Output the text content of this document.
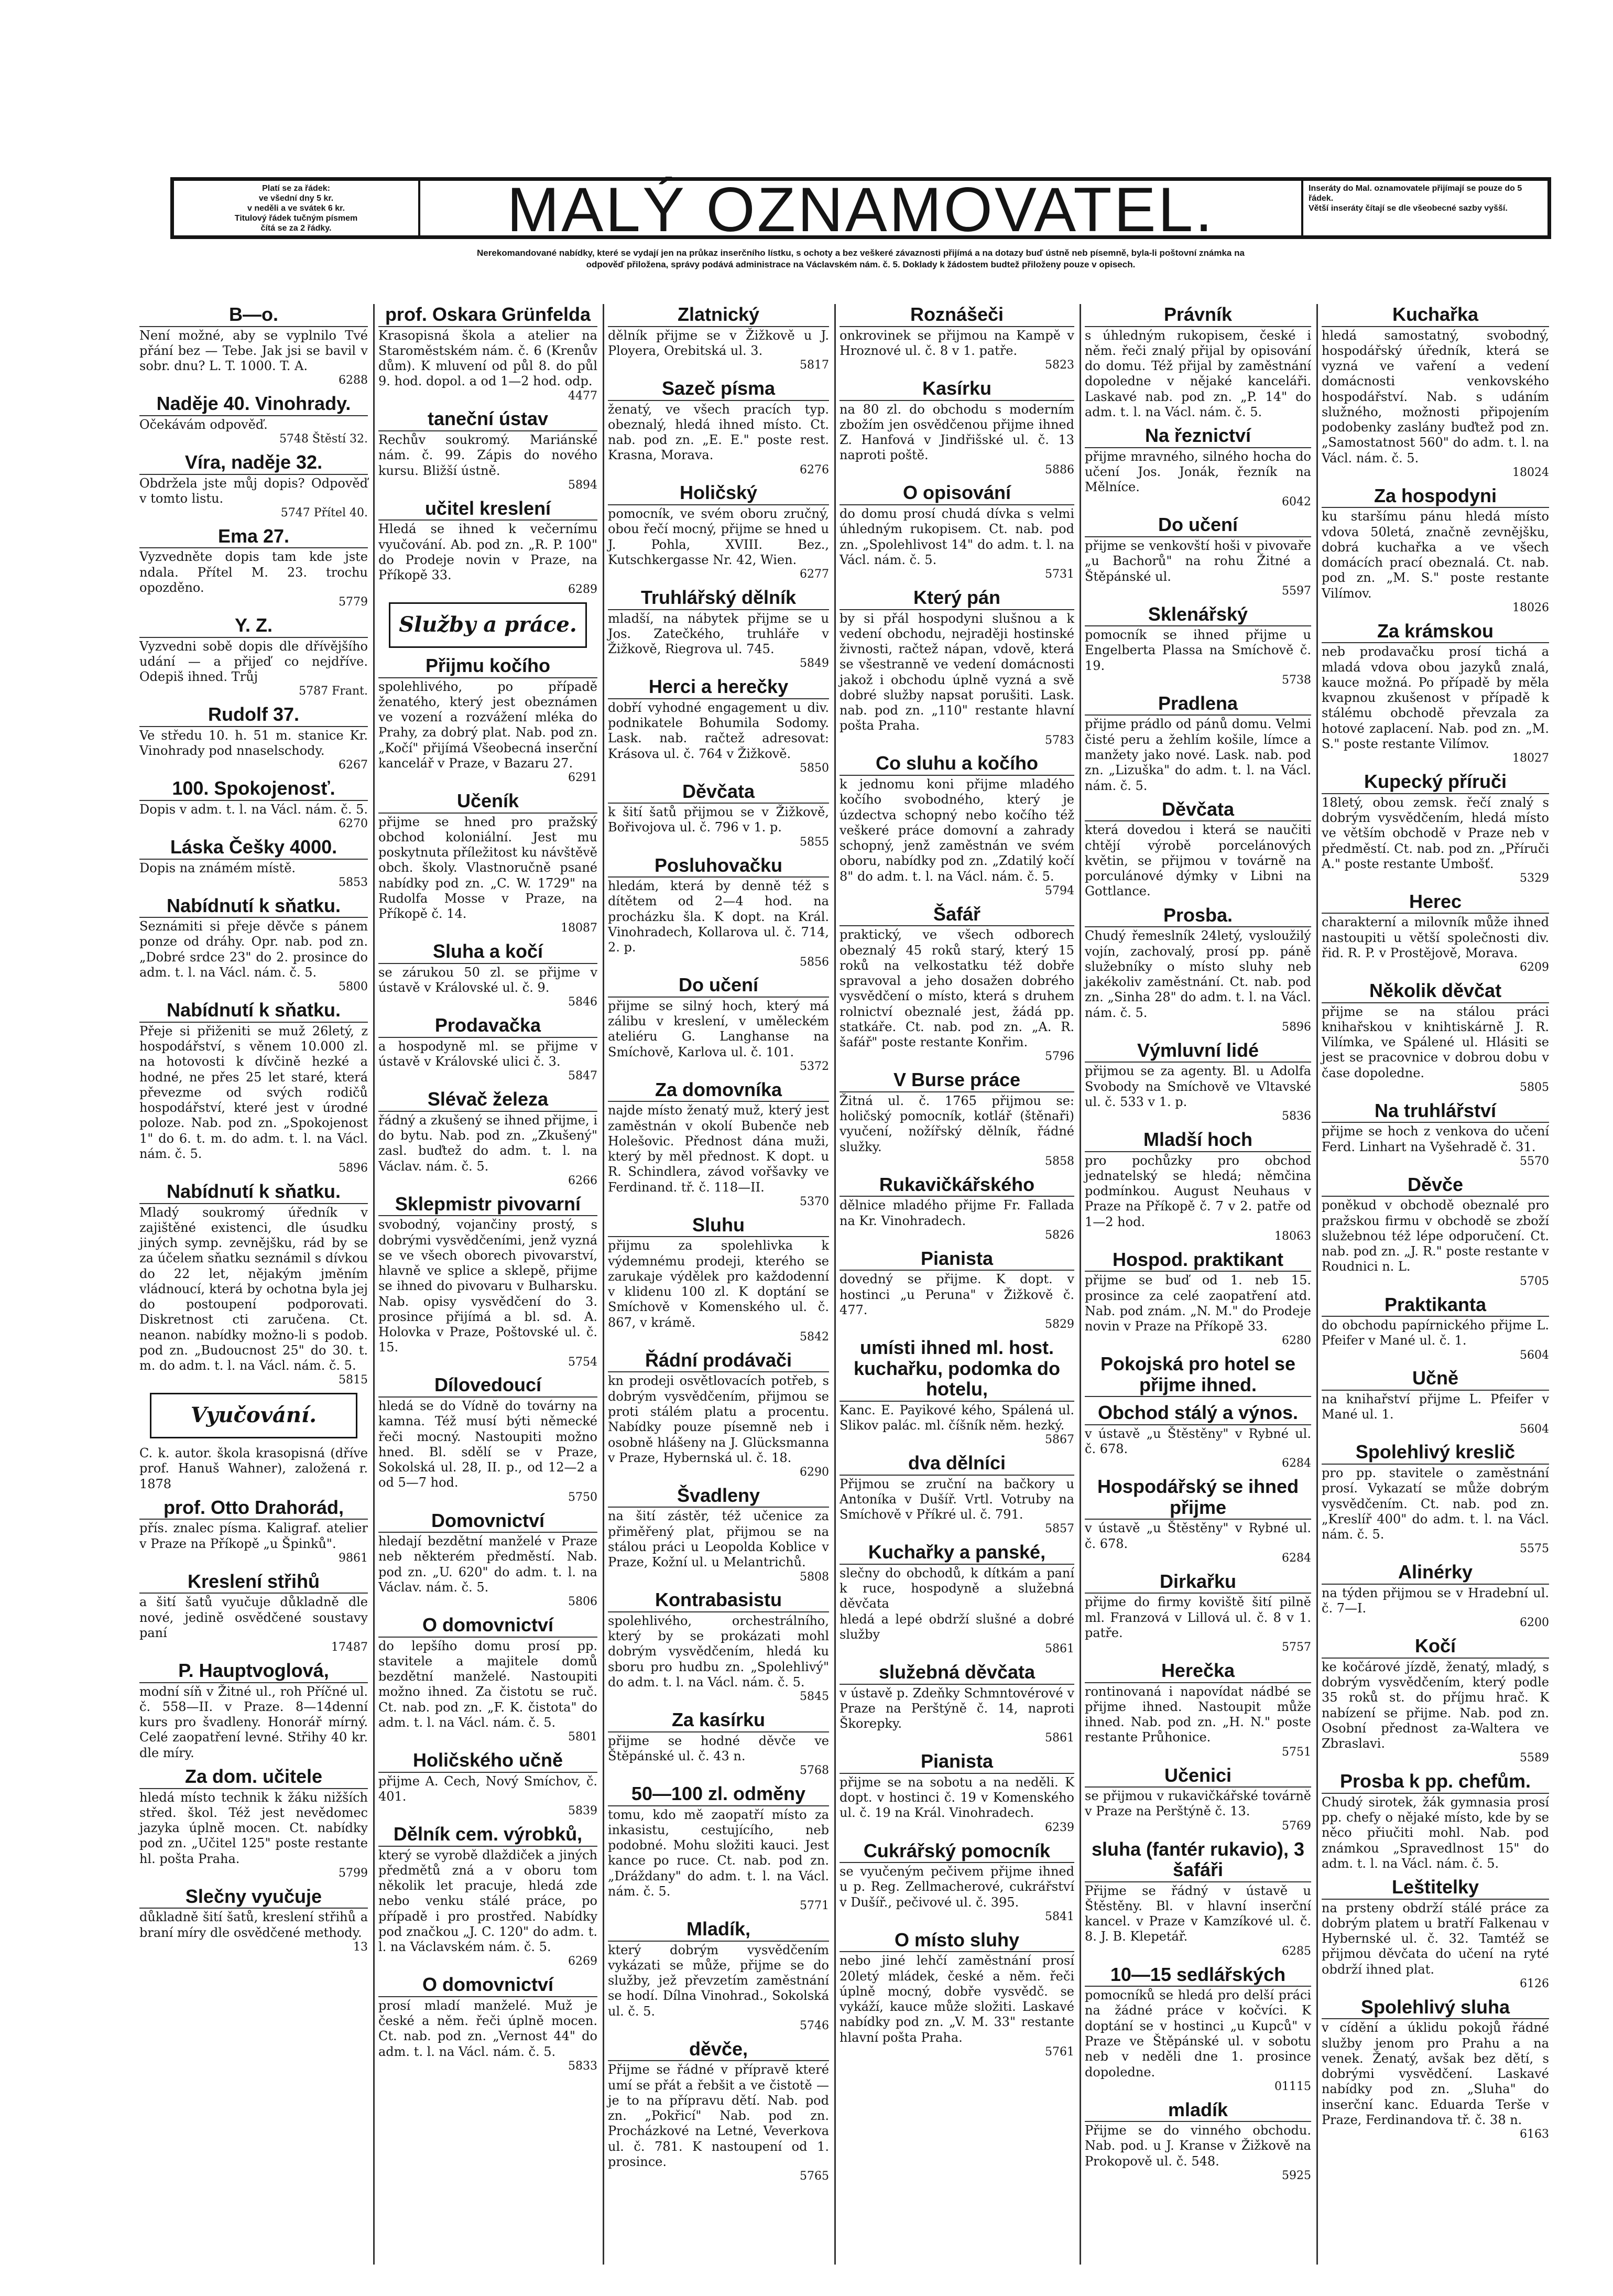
Platí se za řádek:
ve všední dny 5 kr.
v neděli a ve svátek 6 kr.
Titulový řádek tučným písmem
čítá se za 2 řádky.	MALÝ OZNAMOVATEL.	Inseráty do Mal. oznamovatele přijímají se pouze do 5 řádek.
Větší inseráty čítají se dle všeobecné sazby vyšší.
Nerekomandované nabídky, které se vydají jen na průkaz inserčního lístku, s ochoty a bez veškeré závaznosti přijímá a na dotazy buď ústně neb písemně, byla-li poštovní známka na
odpověď přiložena, správy podává administrace na Václavském nám. č. 5. Doklady k žádostem budtež přiloženy pouze v opisech.
B—o.
Není možné, aby se vyplnilo Tvé přání bez — Tebe. Jak jsi se bavil v sobr. dnu? L. T. 1000. T. A.
6288
Naděje 40. Vinohrady.
Očekávám odpověď.
5748 Štěstí 32.
Víra, naděje 32.
Obdržela jste můj dopis? Odpověď v tomto listu.
5747 Přítel 40.
Ema 27.
Vyzvedněte dopis tam kde jste ndala. Přítel M. 23. trochu opozděno.
5779
Y. Z.
Vyzvedni sobě dopis dle dřívějšího udání — a přijeď co nejdříve. Odepiš ihned. Trůj
5787 Frant.
Rudolf 37.
Ve středu 10. h. 51 m. stanice Kr. Vinohrady pod nnaselschody.
6267
100. Spokojenosť.
Dopis v adm. t. l. na Václ. nám. č. 5.
6270
Láska Češky 4000.
Dopis na známém místě.
5853
Nabídnutí k sňatku.
Seznámiti si přeje děvče s pánem ponze od dráhy. Opr. nab. pod zn. „Dobré srdce 23" do 2. prosince do adm. t. l. na Václ. nám. č. 5.
5800
Nabídnutí k sňatku.
Přeje si přiženiti se muž 26letý, z hospodářství, s věnem 10.000 zl. na hotovosti k dívčině hezké a hodné, ne přes 25 let staré, která převezme od svých rodičů hospodářství, které jest v úrodné poloze. Nab. pod zn. „Spokojenost 1" do 6. t. m. do adm. t. l. na Václ. nám. č. 5.
5896
Nabídnutí k sňatku.
Mladý soukromý úředník v zajištěné existenci, dle úsudku jiných symp. zevnějšku, rád by se za účelem sňatku seznámil s dívkou do 22 let, nějakým jměním vládnoucí, která by ochotna byla jej do postoupení podporovati. Diskretnost cti zaručena. Ct. neanon. nabídky možno-li s podob. pod zn. „Budoucnost 25" do 30. t. m. do adm. t. l. na Václ. nám. č. 5.
5815
Vyučování.
C. k. autor. škola krasopisná (dříve prof. Hanuš Wahner), založená r. 1878
prof. Otto Drahorád,
přís. znalec písma. Kaligraf. atelier v Praze na Příkopě „u Špinků".
9861
Kreslení střihů
a šití šatů vyučuje důkladně dle nové, jedině osvědčené soustavy paní
17487
P. Hauptvoglová,
modní síň v Žitné ul., roh Příčné ul. č. 558—II. v Praze. 8—14denní kurs pro švadleny. Honorář mírný. Celé zaopatření levné. Střihy 40 kr. dle míry.
Za dom. učitele
hledá místo technik k žáku nižších střed. škol. Též jest nevědomec jazyka úplně mocen. Ct. nabídky pod zn. „Učitel 125" poste restante hl. pošta Praha.
5799
Slečny vyučuje
důkladně šití šatů, kreslení střihů a braní míry dle osvědčené methody.
13
prof. Oskara Grünfelda
Krasopisná škola a atelier na Staroměstském nám. č. 6 (Krenův dům). K mluvení od půl 8. do půl 9. hod. dopol. a od 1—2 hod. odp.
4477
taneční ústav
Rechův soukromý. Mariánské nám. č. 99. Zápis do nového kursu. Bližší ústně.
5894
učitel kreslení
Hledá se ihned k večernímu vyučování. Ab. pod zn. „R. P. 100" do Prodeje novin v Praze, na Příkopě 33.
6289
Služby a práce.
Přijmu kočího
spolehlivého, po případě ženatého, který jest obeznámen ve vození a rozvážení mléka do Prahy, za dobrý plat. Nab. pod zn. „Kočí" přijímá Všeobecná inserční kancelář v Praze, v Bazaru 27.
6291
Učeník
přijme se hned pro pražský obchod koloniální. Jest mu poskytnuta příležitost ku návštěvě obch. školy. Vlastnoručně psané nabídky pod zn. „C. W. 1729" na Rudolfa Mosse v Praze, na Příkopě č. 14.
18087
Sluha a kočí
se zárukou 50 zl. se přijme v ústavě v Královské ul. č. 9.
5846
Prodavačka
a hospodyně ml. se přijme v ústavě v Královské ulici č. 3.
5847
Slévač železa
řádný a zkušený se ihned přijme, i do bytu. Nab. pod zn. „Zkušený" zasl. buďtež do adm. t. l. na Václav. nám. č. 5.
6266
Sklepmistr pivovarní
svobodný, vojančiny prostý, s dobrými vysvědčeními, jenž vyzná se ve všech oborech pivovarství, hlavně ve splice a sklepě, přijme se ihned do pivovaru v Bulharsku. Nab. opisy vysvědčení do 3. prosince přijímá a bl. sd. A. Holovka v Praze, Poštovské ul. č. 15.
5754
Dílovedoucí
hledá se do Vídně do továrny na kamna. Též musí býti německé řeči mocný. Nastoupiti možno hned. Bl. sdělí se v Praze, Sokolská ul. 28, II. p., od 12—2 a od 5—7 hod.
5750
Domovnictví
hledají bezdětní manželé v Praze neb některém předměstí. Nab. pod zn. „U. 620" do adm. t. l. na Václav. nám. č. 5.
5806
O domovnictví
do lepšího domu prosí pp. stavitele a majitele domů bezdětní manželé. Nastoupiti možno ihned. Za čistotu se ruč. Ct. nab. pod zn. „F. K. čistota" do adm. t. l. na Václ. nám. č. 5.
5801
Holičského učně
přijme A. Cech, Nový Smíchov, č. 401.
5839
Dělník cem. výrobků,
který se vyrobě dlaždiček a jiných předmětů zná a v oboru tom několik let pracuje, hledá zde nebo venku stálé práce, po případě i pro prostřed. Nabídky pod značkou „J. C. 120" do adm. t. l. na Václavském nám. č. 5.
6269
O domovnictví
prosí mladí manželé. Muž je české a něm. řeči úplně mocen. Ct. nab. pod zn. „Vernost 44" do adm. t. l. na Václ. nám. č. 5.
5833
Zlatnický
dělník přijme se v Žižkově u J. Ployera, Orebitská ul. 3.
5817
Sazeč písma
ženatý, ve všech pracích typ. obeznalý, hledá ihned místo. Ct. nab. pod zn. „E. E." poste rest. Krasna, Morava.
6276
Holičský
pomocník, ve svém oboru zručný, obou řečí mocný, přijme se hned u J. Pohla, XVIII. Bez., Kutschkergasse Nr. 42, Wien.
6277
Truhlářský dělník
mladší, na nábytek přijme se u Jos. Zatečkého, truhláře v Žižkově, Riegrova ul. 745.
5849
Herci a herečky
dobří vyhodné engagement u div. podnikatele Bohumila Sodomy. Lask. nab. račtež adresovat: Krásova ul. č. 764 v Žižkově.
5850
Děvčata
k šití šatů přijmou se v Žižkově, Bořivojova ul. č. 796 v 1. p.
5855
Posluhovačku
hledám, která by denně též s dítětem od 2—4 hod. na procházku šla. K dopt. na Král. Vinohradech, Kollarova ul. č. 714, 2. p.
5856
Do učení
přijme se silný hoch, který má zálibu v kreslení, v uměleckém ateliéru G. Langhanse na Smíchově, Karlova ul. č. 101.
5372
Za domovníka
najde místo ženatý muž, který jest zaměstnán v okolí Bubenče neb Holešovic. Přednost dána muži, který by měl přednost. K dopt. u R. Schindlera, závod vořšavky ve Ferdinand. tř. č. 118—II.
5370
Sluhu
přijmu za spolehlivka k výdemnému prodeji, kterého se zarukaje výdělek pro každodenní v klidenu 100 zl. K doptání se Smíchově v Komenského ul. č. 867, v krámě.
5842
Řádní prodávači
kn prodeji osvětlovacích potřeb, s dobrým vysvědčením, přijmou se proti stálém platu a procentu. Nabídky pouze písemně neb i osobně hlášeny na J. Glücksmanna v Praze, Hybernská ul. č. 18.
6290
Švadleny
na šití zástěr, též učenice za přiměřený plat, přijmou se na stálou práci u Leopolda Koblice v Praze, Kožní ul. u Melantrichů.
5808
Kontrabasistu
spolehlivého, orchestrálního, který by se prokázati mohl dobrým vysvědčením, hledá ku sboru pro hudbu zn. „Spolehlivý" do adm. t. l. na Václ. nám. č. 5.
5845
Za kasírku
přijme se hodné děvče ve Štěpánské ul. č. 43 n.
5768
50—100 zl. odměny
tomu, kdo mě zaopatří místo za inkasistu, cestujícího, neb podobné. Mohu složiti kauci. Jest kance po ruce. Ct. nab. pod zn. „Dráždany" do adm. t. l. na Václ. nám. č. 5.
5771
Mladík,
který dobrým vysvědčením vykázati se může, přijme se do služby, jež převzetím zaměstnání se hodí. Dílna Vinohrad., Sokolská ul. č. 5.
5746
děvče,
Přijme se řádné v přípravě které umí se přát a řebšit a ve čistotě — je to na přípravu dětí. Nab. pod zn. „Pokřicí" Nab. pod zn. Procházkové na Letné, Veverkova ul. č. 781. K nastoupení od 1. prosince.
5765
Roznášeči
onkrovinek se přijmou na Kampě v Hroznové ul. č. 8 v 1. patře.
5823
Kasírku
na 80 zl. do obchodu s moderním zbožím jen osvědčenou přijme ihned Z. Hanfová v Jindřišské ul. č. 13 naproti poště.
5886
O opisování
do domu prosí chudá dívka s velmi úhledným rukopisem. Ct. nab. pod zn. „Spolehlivost 14" do adm. t. l. na Václ. nám. č. 5.
5731
Který pán
by si přál hospodyni slušnou a k vedení obchodu, nejraději hostinské živnosti, račtež nápan, vdově, která se všestranně ve vedení domácnosti jakož i obchodu úplně vyzná a svě dobré služby napsat porušiti. Lask. nab. pod zn. „110" restante hlavní pošta Praha.
5783
Co sluhu a kočího
k jednomu koni přijme mladého kočího svobodného, který je úzdectva schopný nebo kočího též veškeré práce domovní a zahrady schopný, jenž zaměstnán ve svém oboru, nabídky pod zn. „Zdatilý kočí 8" do adm. t. l. na Václ. nám. č. 5.
5794
Šafář
praktický, ve všech odborech obeznalý 45 roků starý, který 15 roků na velkostatku též dobře spravoval a jeho dosažen dobrého vysvědčení o místo, která s druhem rolnictví obeznalé jest, žádá pp. statkáře. Ct. nab. pod zn. „A. R. šafář" poste restante Konřim.
5796
V Burse práce
Žitná ul. č. 1765 přijmou se: holičský pomocník, kotlář (štěnaři) vyučení, nožířský dělník, řádné služky.
5858
Rukavičkářského
dělnice mladého přijme Fr. Fallada na Kr. Vinohradech.
5826
Pianista
dovedný se přijme. K dopt. v hostinci „u Peruna" v Žižkově č. 477.
5829
umísti ihned ml. host. kuchařku, podomka do hotelu,
Kanc. E. Payikové kého, Spálená ul. Slikov palác. ml. číšník něm. hezký.
5867
dva dělníci
Přijmou se zruční na bačkory u Antoníka v Dušíř. Vrtl. Votruby na Smíchově v Příkré ul. č. 791.
5857
Kuchařky a panské,
slečny do obchodů, k dítkám a paní k ruce, hospodyně a služebná děvčata
hledá a lepé obdrží slušné a dobré služby
5861
služebná děvčata
v ústavě p. Zdeňky Schmntovérové v Praze na Perštýně č. 14, naproti Škorepky.
5861
Pianista
přijme se na sobotu a na neděli. K dopt. v hostinci č. 19 v Komenského ul. č. 19 na Král. Vinohradech.
6239
Cukrářský pomocník
se vyučeným pečivem přijme ihned u p. Reg. Zellmacherové, cukrářství v Dušíř., pečivové ul. č. 395.
5841
O místo sluhy
nebo jiné lehčí zaměstnání prosí 20letý mládek, české a něm. řeči úplně mocný, dobře vysvědč. se vykáží, kauce může složiti. Laskavé nabídky pod zn. „V. M. 33" restante hlavní pošta Praha.
5761
Právník
s úhledným rukopisem, české i něm. řeči znalý přijal by opisování do domu. Též přijal by zaměstnání dopoledne v nějaké kanceláři. Laskavé nab. pod zn. „P. 14" do adm. t. l. na Václ. nám. č. 5.
Na řeznictví
přijme mravného, silného hocha do učení Jos. Jonák, řezník na Mělníce.
6042
Do učení
přijme se venkovští hoši v pivovaře „u Bachorů" na rohu Žitné a Štěpánské ul.
5597
Sklenářský
pomocník se ihned přijme u Engelberta Plassa na Smíchově č. 19.
5738
Pradlena
přijme prádlo od pánů domu. Velmi čisté peru a žehlím košile, límce a manžety jako nové. Lask. nab. pod zn. „Lizuška" do adm. t. l. na Václ. nám. č. 5.
Děvčata
která dovedou i která se naučiti chtějí výrobě porcelánových květin, se přijmou v továrně na porculánové dýmky v Libni na Gottlance.
Prosba.
Chudý řemeslník 24letý, vysloužilý vojín, zachovalý, prosí pp. páně služebníky o místo sluhy neb jakékoliv zaměstnání. Ct. nab. pod zn. „Sinha 28" do adm. t. l. na Václ. nám. č. 5.
5896
Výmluvní lidé
přijmou se za agenty. Bl. u Adolfa Svobody na Smíchově ve Vltavské ul. č. 533 v 1. p.
5836
Mladší hoch
pro pochůzky pro obchod jednatelský se hledá; němčina podmínkou. August Neuhaus v Praze na Příkopě č. 7 v 2. patře od 1—2 hod.
18063
Hospod. praktikant
přijme se buď od 1. neb 15. prosince za celé zaopatření atd. Nab. pod znám. „N. M." do Prodeje novin v Praze na Příkopě 33.
6280
Pokojská pro hotel se přijme ihned.
Obchod stálý a výnos.
v ústavě „u Štěstěny" v Rybné ul. č. 678.
6284
Hospodářský se ihned přijme
v ústavě „u Štěstěny" v Rybné ul. č. 678.
6284
Dirkařku
přijme do firmy koviště šití pilně ml. Franzová v Lillová ul. č. 8 v 1. patře.
5757
Herečka
rontinovaná i napovídat nádbé se přijme ihned. Nastoupit může ihned. Nab. pod zn. „H. N." poste restante Průhonice.
5751
Učenici
se přijmou v rukavičkářské továrně v Praze na Perštýně č. 13.
5769
sluha (fantér rukavio), 3 šafáři
Přijme se řádný v ústavě u Štěstěny. Bl. v hlavní inserční kancel. v Praze v Kamzíkové ul. č. 8. J. B. Klepetář.
6285
10—15 sedlářských
pomocníků se hledá pro delší práci na žádné práce v kočvíci. K doptání se v hostinci „u Kupců" v Praze ve Štěpánské ul. v sobotu neb v neděli dne 1. prosince dopoledne.
01115
mladík
Přijme se do vinného obchodu. Nab. pod. u J. Kranse v Žižkově na Prokopově ul. č. 548.
5925
Kuchařka
hledá samostatný, svobodný, hospodářský úředník, která se vyzná ve vaření a vedení domácnosti venkovského hospodářství. Nab. s udáním služného, možnosti připojením podobenky zaslány buďtež pod zn. „Samostatnost 560" do adm. t. l. na Václ. nám. č. 5.
18024
Za hospodyni
ku staršímu pánu hledá místo vdova 50letá, značně zevnějšku, dobrá kuchařka a ve všech domácích prací obeznalá. Ct. nab. pod zn. „M. S." poste restante Vilímov.
18026
Za krámskou
neb prodavačku prosí tichá a mladá vdova obou jazyků znalá, kauce možná. Po případě by měla kvapnou zkušenost v případě k stálému obchodě převzala za hotové zaplacení. Nab. pod zn. „M. S." poste restante Vilímov.
18027
Kupecký příruči
18letý, obou zemsk. řečí znalý s dobrým vysvědčením, hledá místo ve větším obchodě v Praze neb v předměstí. Ct. nab. pod zn. „Příruči A." poste restante Umbošť.
5329
Herec
charakterní a milovník může ihned nastoupiti u větší společnosti div. řid. R. P. v Prostějově, Morava.
6209
Několik děvčat
přijme se na stálou práci knihařskou v knihtiskárně J. R. Vilímka, ve Spálené ul. Hlásiti se jest se pracovnice v dobrou dobu v čase dopoledne.
5805
Na truhlářství
přijme se hoch z venkova do učení Ferd. Linhart na Vyšehradě č. 31.
5570
Děvče
poněkud v obchodě obeznalé pro pražskou firmu v obchodě se zboží služebnou též lépe odporučení. Ct. nab. pod zn. „J. R." poste restante v Roudnici n. L.
5705
Praktikanta
do obchodu papírnického přijme L. Pfeifer v Mané ul. č. 1.
5604
Učně
na knihařství přijme L. Pfeifer v Mané ul. 1.
5604
Spolehlivý kreslič
pro pp. stavitele o zaměstnání prosí. Vykazatí se může dobrým vysvědčením. Ct. nab. pod zn. „Kreslíř 400" do adm. t. l. na Václ. nám. č. 5.
5575
Alinérky
na týden přijmou se v Hradební ul. č. 7—I.
6200
Kočí
ke kočárové jízdě, ženatý, mladý, s dobrým vysvědčením, který podle 35 roků st. do příjmu hrač. K nabízení se přijme. Nab. pod zn. Osobní přednost za-Waltera ve Zbraslavi.
5589
Prosba k pp. chefům.
Chudý sirotek, žák gymnasia prosí pp. chefy o nějaké místo, kde by se něco přiučiti mohl. Nab. pod známkou „Spravedlnost 15" do adm. t. l. na Václ. nám. č. 5.
Leštitelky
na prsteny obdrží stálé práce za dobrým platem u bratří Falkenau v Hybernské ul. č. 32. Tamtéž se přijmou děvčata do učení na ryté obdrží ihned plat.
6126
Spolehlivý sluha
v cídění a úklidu pokojů řádné služby jenom pro Prahu a na venek. Ženatý, avšak bez dětí, s dobrými vysvědčení. Laskavé nabídky pod zn. „Sluha" do inserční kanc. Eduarda Terše v Praze, Ferdinandova tř. č. 38 n.
6163
